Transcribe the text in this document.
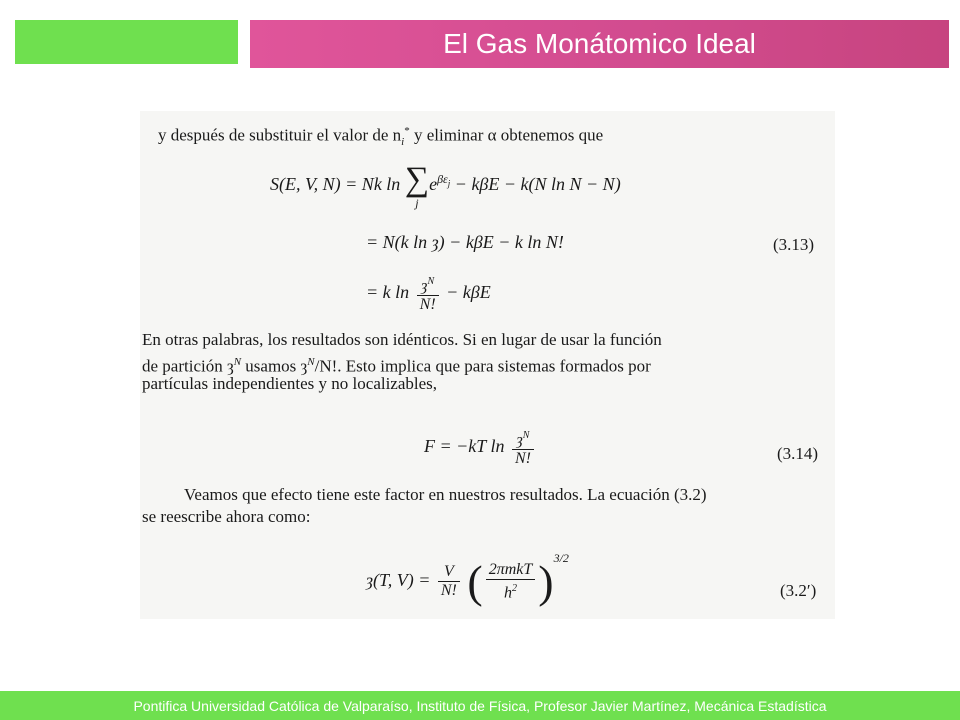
El Gas Monátomico Ideal
y después de substituir el valor de $n_i^*$ y eliminar α obtenemos que
S(E, V, N) = Nk ln ∑
j
$e^{\beta\varepsilon_j} - k\beta E - k(N$ ln N − N)
= N(k ln ȝ) − kβE − k ln N!	(3.13)
= k $\ln \frac{ȝ^N}{N!} - k\beta E$
En otras palabras, los resultados son idénticos. Si en lugar de usar la función
de partición $ȝ^N$ usamos $ȝ^N/N$!. Esto implica que para sistemas formados por
partículas independientes y no localizables,
F = −kT $\ln \frac{ȝ^N}{N!}$	(3.14)
Veamos que efecto tiene este factor en nuestros resultados. La ecuación (3.2)
se reescribe ahora como:
ȝ(T, $V) = \frac{V}{N!}$ ( $\frac{\text{2πmkT}}{h^2} )^{3/2}$
(3.2′)
Pontifica Universidad Católica de Valparaíso, Instituto de Física, Profesor Javier Martínez, Mecánica Estadística
